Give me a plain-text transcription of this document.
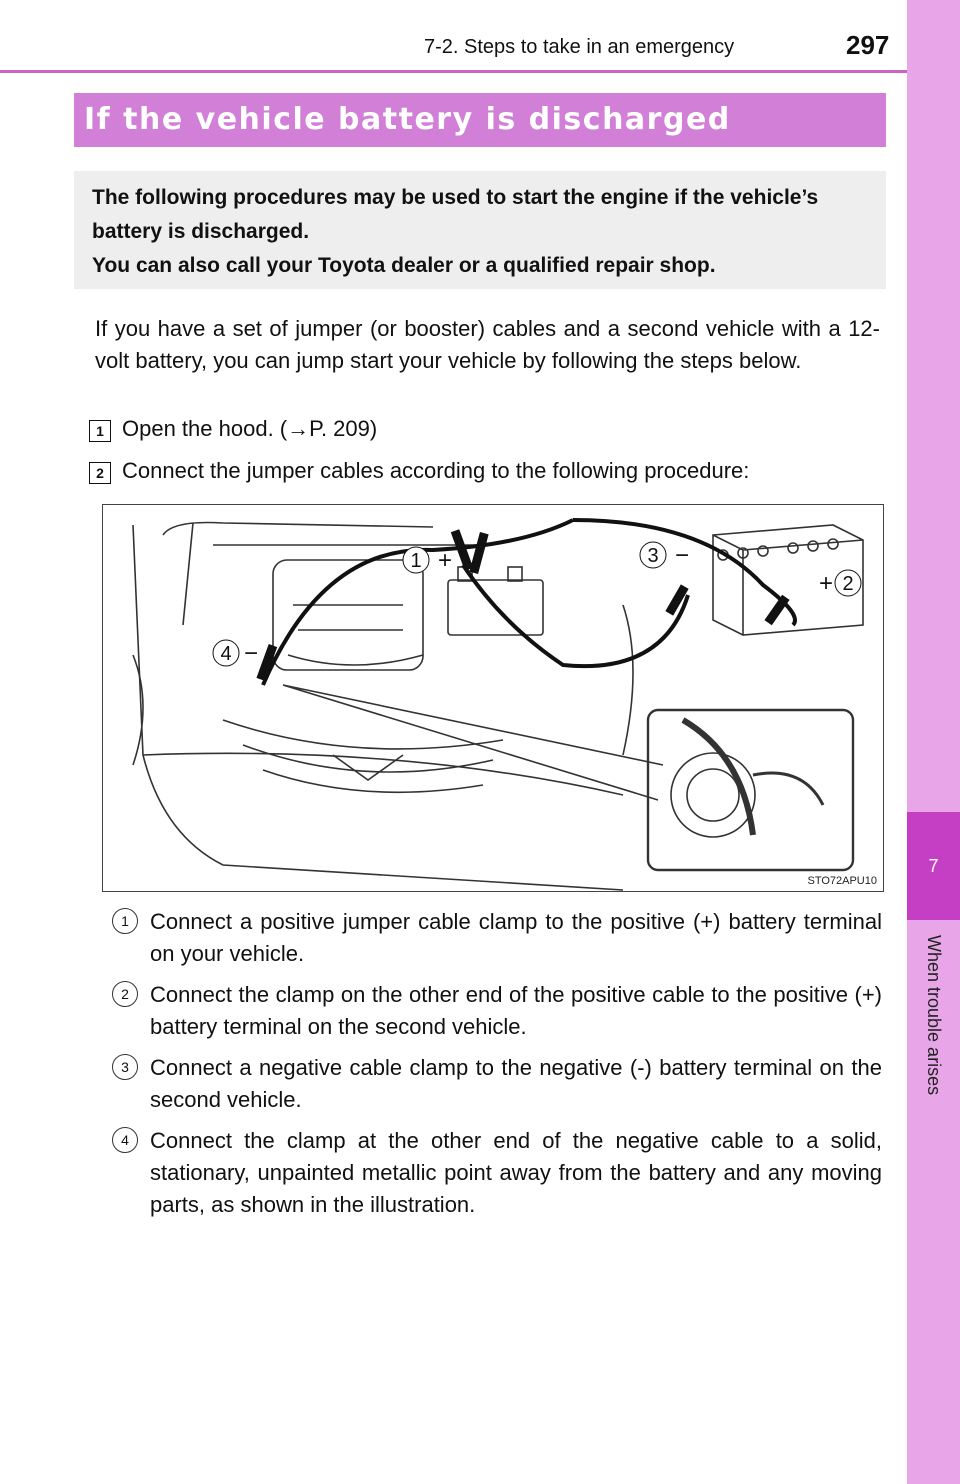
7
When trouble arises
7-2. Steps to take in an emergency	297
If the vehicle battery is discharged

The following procedures may be used to start the engine if the vehicle’s battery is discharged.

You can also call your Toyota dealer or a qualified repair shop.

If you have a set of jumper (or booster) cables and a second vehicle with a 12-volt battery, you can jump start your vehicle by following the steps below.

1 Open the hood. (→P. 209)
2 Connect the jumper cables according to the following procedure:
1 +
2
+
3 −
4 −
STO72APU10
1 Connect a positive jumper cable clamp to the positive (+) battery terminal on your vehicle.

2 Connect the clamp on the other end of the positive cable to the positive (+) battery terminal on the second vehicle.

3 Connect a negative cable clamp to the negative (-) battery terminal on the second vehicle.

4 Connect the clamp at the other end of the negative cable to a solid, stationary, unpainted metallic point away from the battery and any moving parts, as shown in the illustration.
